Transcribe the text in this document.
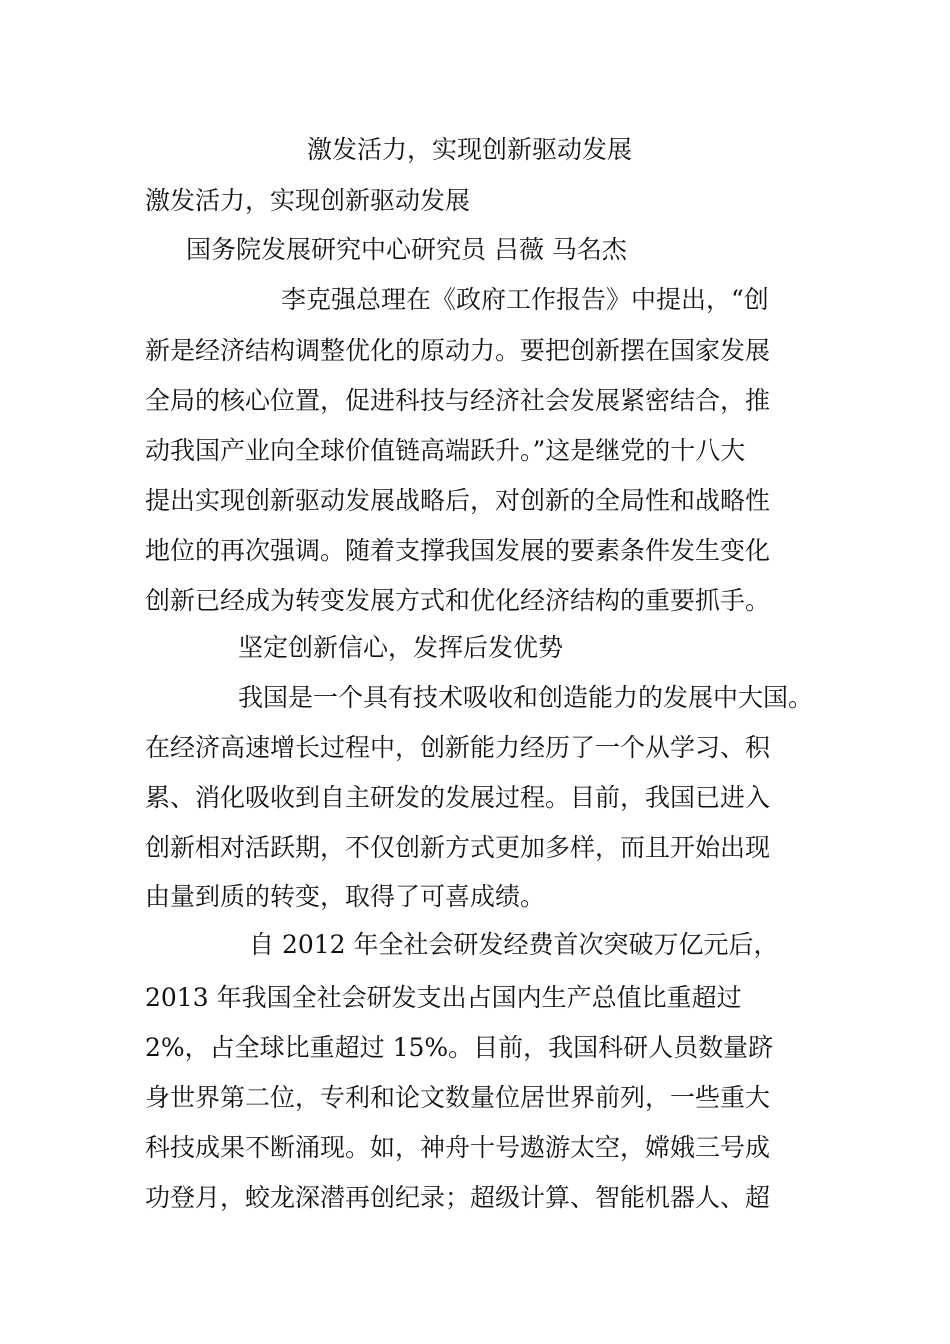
激发活力，实现创新驱动发展
激发活力，实现创新驱动发展
国务院发展研究中心研究员 吕薇 马名杰
李克强总理在《政府工作报告》中提出，“创
新是经济结构调整优化的原动力。要把创新摆在国家发展
全局的核心位置，促进科技与经济社会发展紧密结合，推
动我国产业向全球价值链高端跃升。”这是继党的十八大
提出实现创新驱动发展战略后，对创新的全局性和战略性
地位的再次强调。随着支撑我国发展的要素条件发生变化
创新已经成为转变发展方式和优化经济结构的重要抓手。
坚定创新信心，发挥后发优势
我国是一个具有技术吸收和创造能力的发展中大国。
在经济高速增长过程中，创新能力经历了一个从学习、积
累、消化吸收到自主研发的发展过程。目前，我国已进入
创新相对活跃期，不仅创新方式更加多样，而且开始出现
由量到质的转变，取得了可喜成绩。
自 2012 年全社会研发经费首次突破万亿元后，
2013 年我国全社会研发支出占国内生产总值比重超过
2%，占全球比重超过 15%。目前，我国科研人员数量跻
身世界第二位，专利和论文数量位居世界前列，一些重大
科技成果不断涌现。如，神舟十号遨游太空，嫦娥三号成
功登月，蛟龙深潜再创纪录；超级计算、智能机器人、超
